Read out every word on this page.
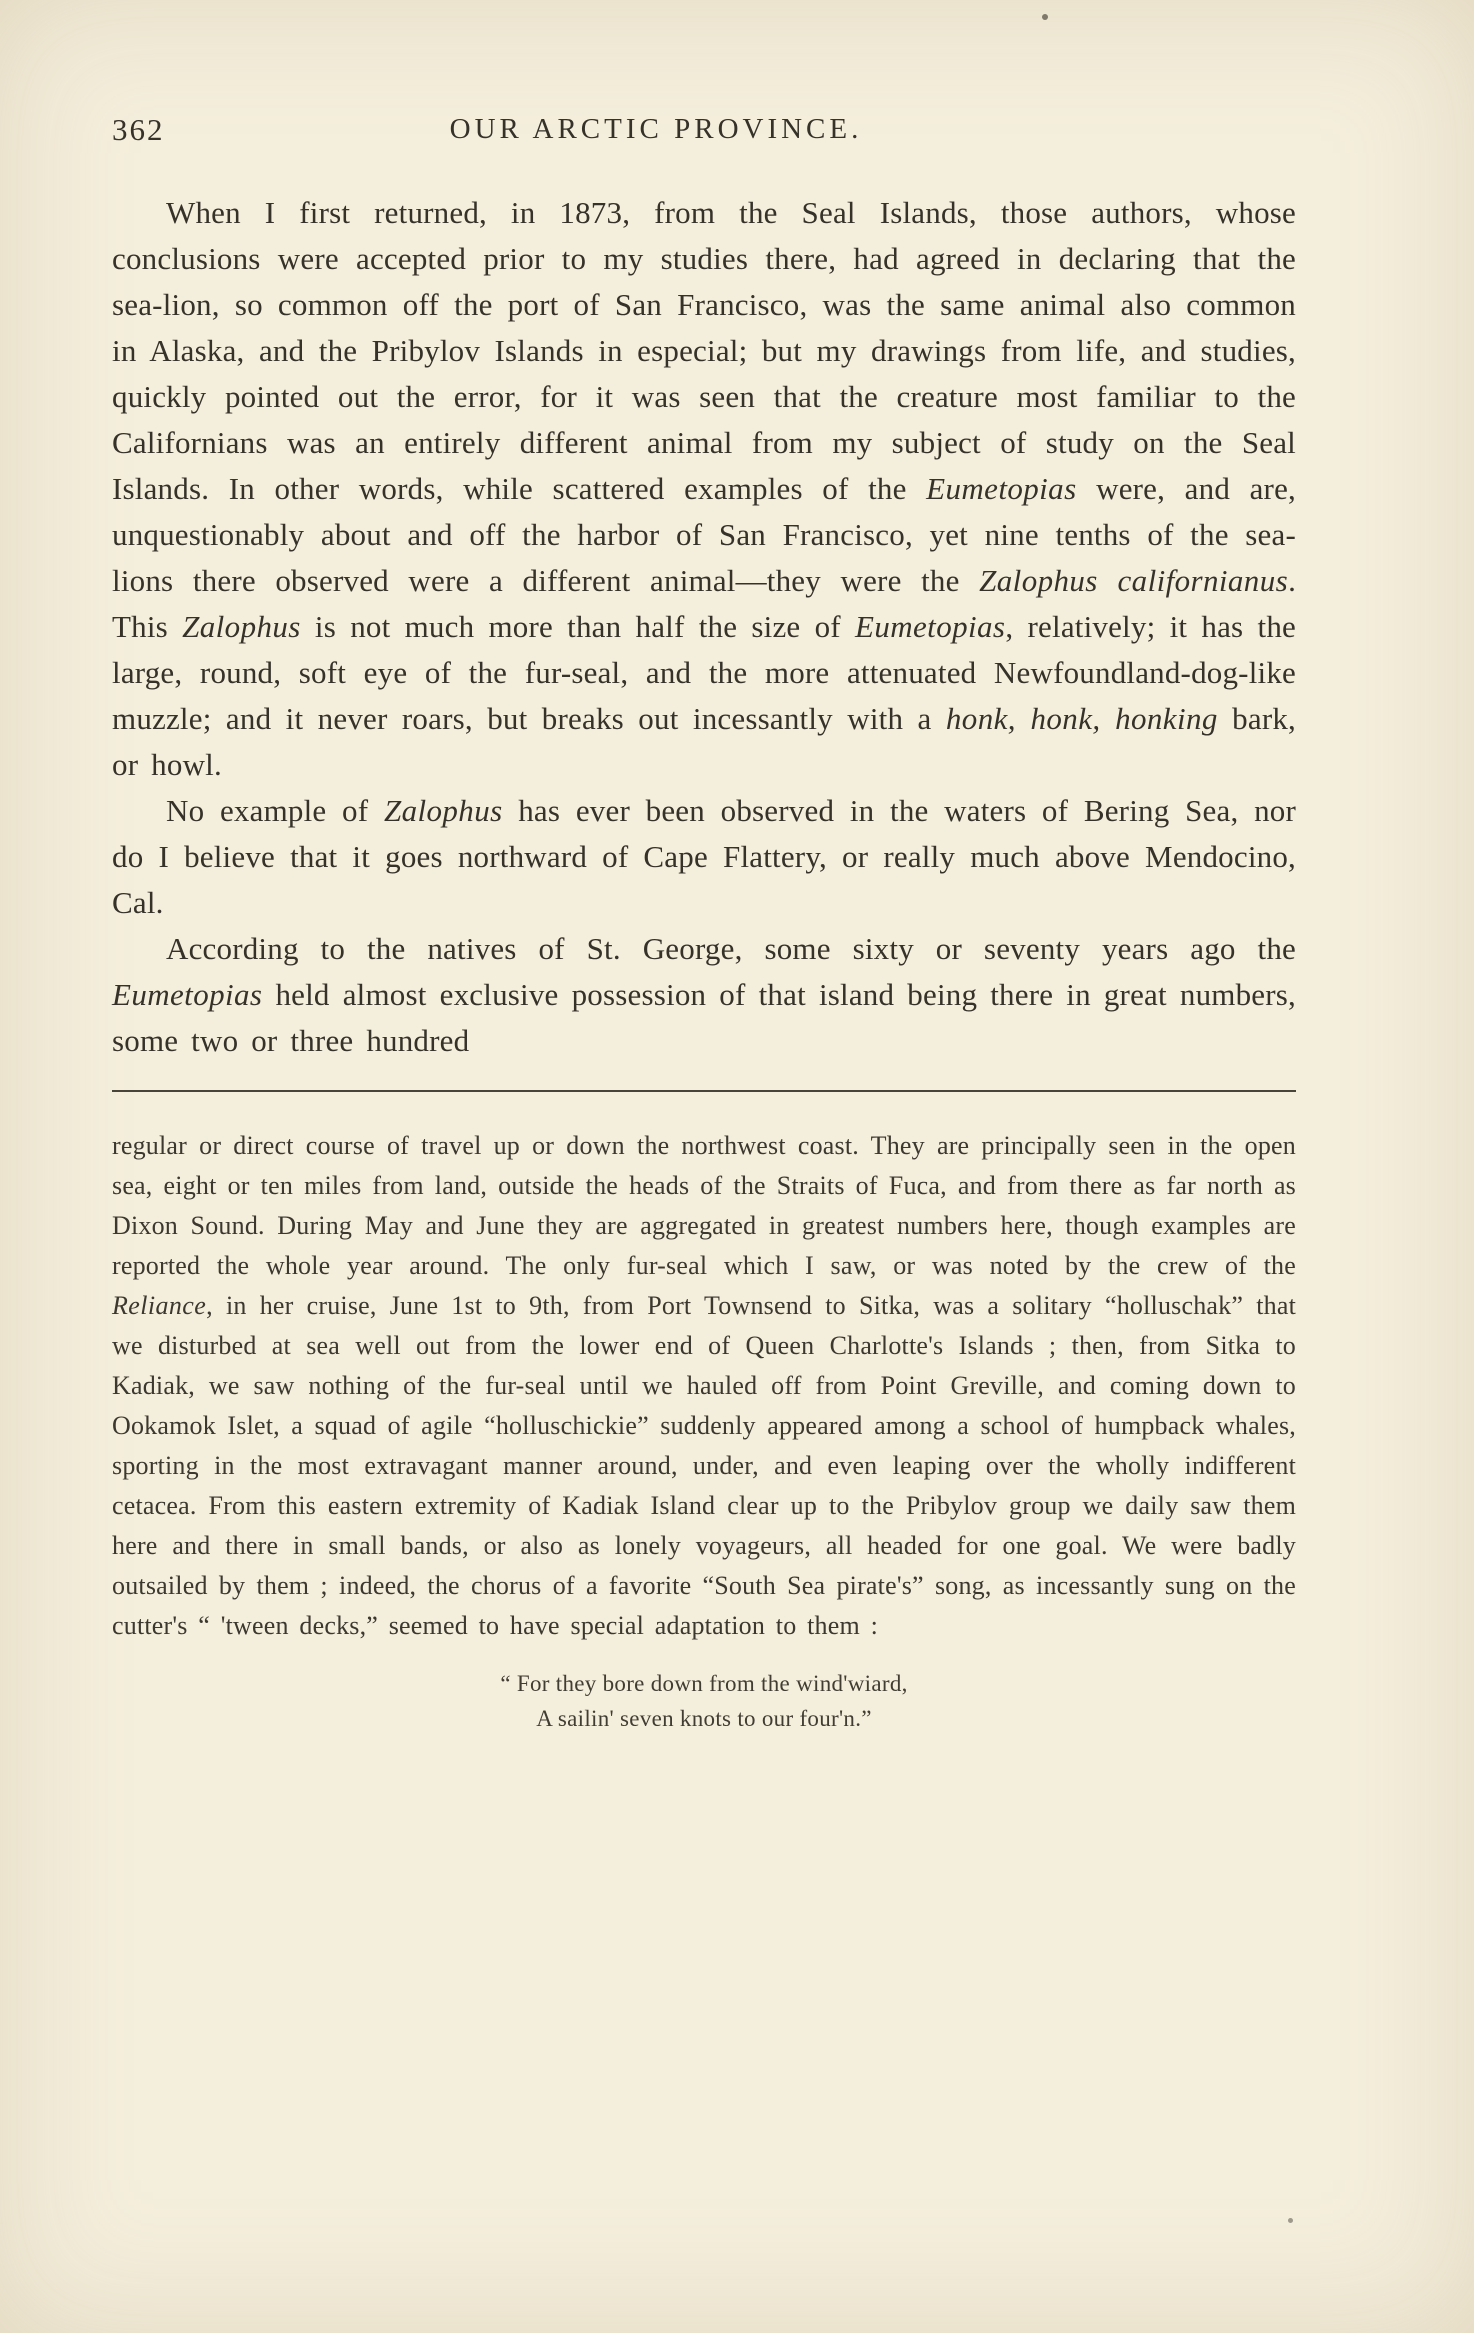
362	OUR ARCTIC PROVINCE.

When I first returned, in 1873, from the Seal Islands, those authors, whose conclusions were accepted prior to my studies there, had agreed in declaring that the sea-lion, so common off the port of San Francisco, was the same animal also common in Alaska, and the Pribylov Islands in especial; but my drawings from life, and studies, quickly pointed out the error, for it was seen that the creature most familiar to the Californians was an entirely different animal from my subject of study on the Seal Islands. In other words, while scattered examples of the Eumetopias were, and are, unquestionably about and off the harbor of San Francisco, yet nine tenths of the sea-lions there observed were a different animal—they were the Zalophus californianus. This Zalophus is not much more than half the size of Eumetopias, relatively; it has the large, round, soft eye of the fur-seal, and the more attenuated Newfoundland-dog-like muzzle; and it never roars, but breaks out incessantly with a honk, honk, honking bark, or howl.

No example of Zalophus has ever been observed in the waters of Bering Sea, nor do I believe that it goes northward of Cape Flattery, or really much above Mendocino, Cal.

According to the natives of St. George, some sixty or seventy years ago the Eumetopias held almost exclusive possession of that island being there in great numbers, some two or three hundred

regular or direct course of travel up or down the northwest coast. They are principally seen in the open sea, eight or ten miles from land, outside the heads of the Straits of Fuca, and from there as far north as Dixon Sound. During May and June they are aggregated in greatest numbers here, though examples are reported the whole year around. The only fur-seal which I saw, or was noted by the crew of the Reliance, in her cruise, June 1st to 9th, from Port Townsend to Sitka, was a solitary “holluschak” that we disturbed at sea well out from the lower end of Queen Charlotte's Islands ; then, from Sitka to Kadiak, we saw nothing of the fur-seal until we hauled off from Point Greville, and coming down to Ookamok Islet, a squad of agile “holluschickie” suddenly appeared among a school of humpback whales, sporting in the most extravagant manner around, under, and even leaping over the wholly indifferent cetacea. From this eastern extremity of Kadiak Island clear up to the Pribylov group we daily saw them here and there in small bands, or also as lonely voyageurs, all headed for one goal. We were badly outsailed by them ; indeed, the chorus of a favorite “South Sea pirate's” song, as incessantly sung on the cutter's “ 'tween decks,” seemed to have special adaptation to them :

“ For they bore down from the wind'wiard,
A sailin' seven knots to our four'n.”
